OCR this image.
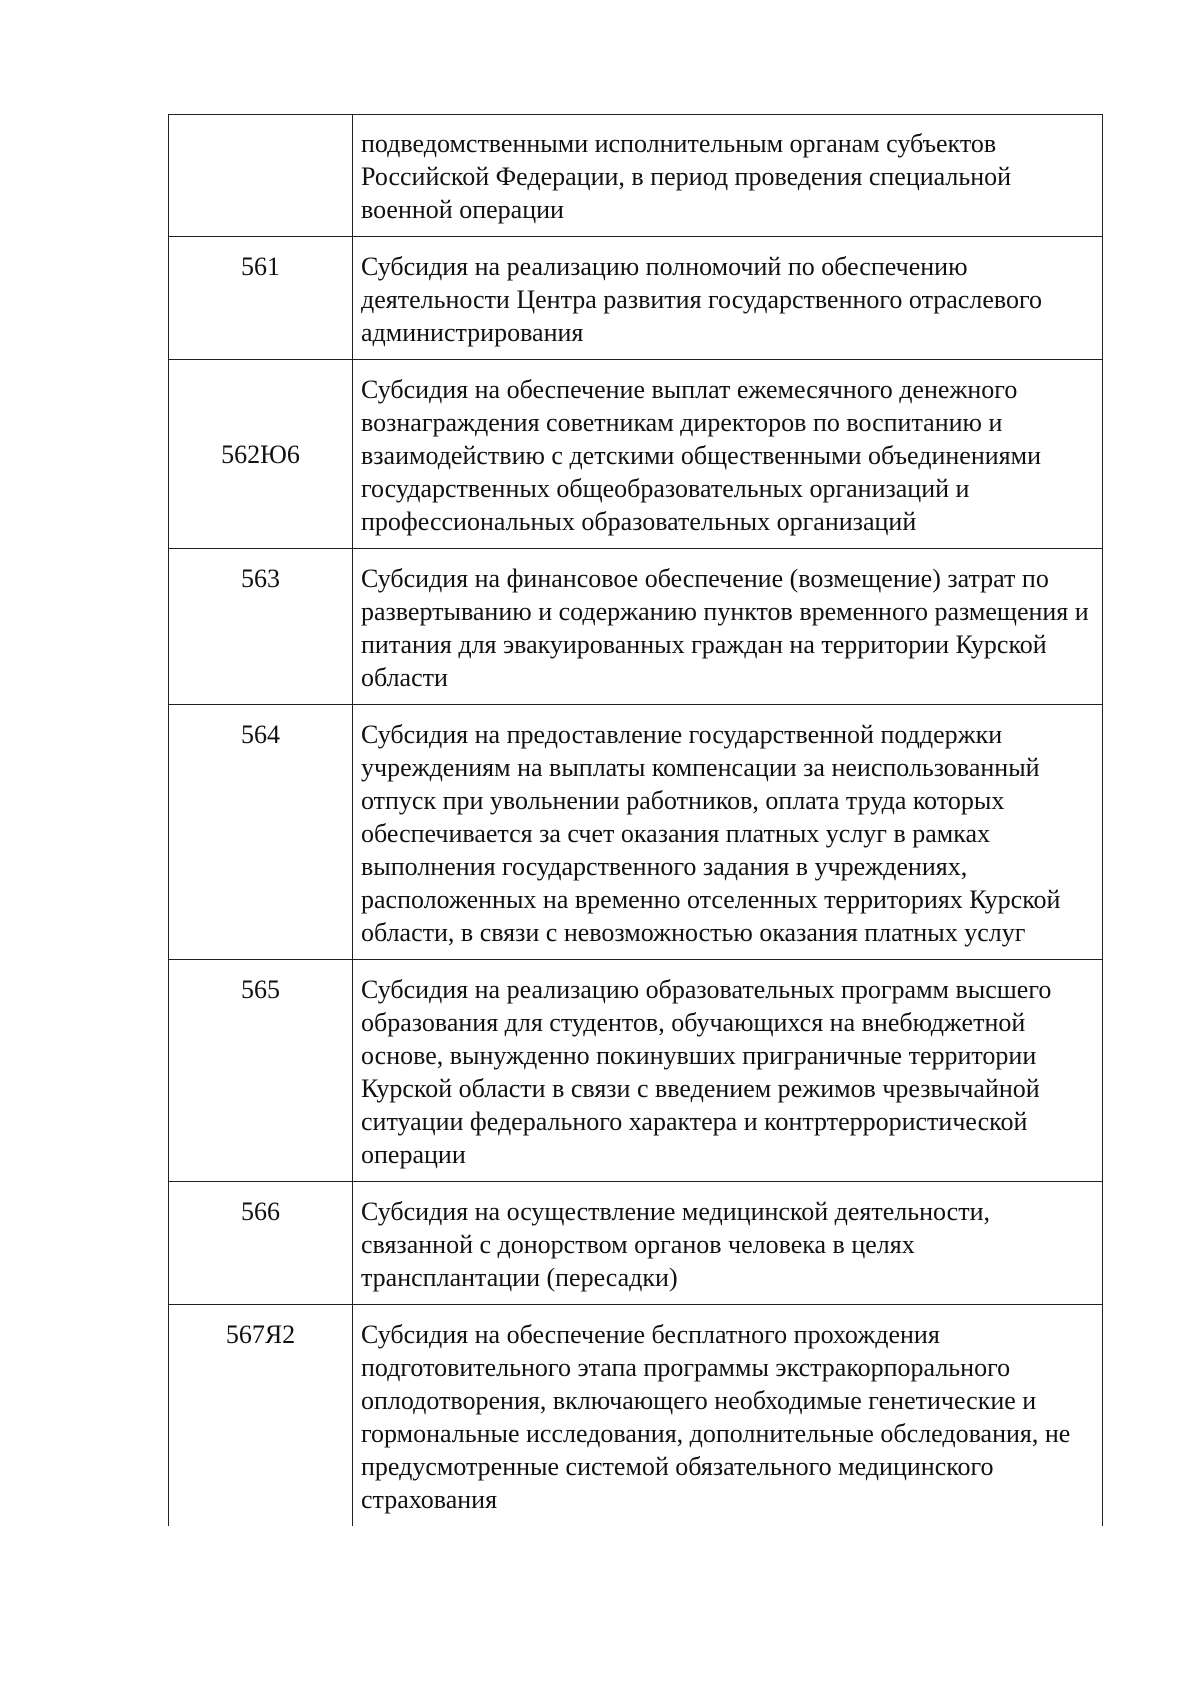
	подведомственными исполнительным органам субъектов Российской Федерации, в период проведения специальной военной операции

561	Субсидия на реализацию полномочий по обеспечению деятельности Центра развития государственного отраслевого администрирования

562Ю6	Субсидия на обеспечение выплат ежемесячного денежного вознаграждения советникам директоров по воспитанию и взаимодействию с детскими общественными объединениями государственных общеобразовательных организаций и профессиональных образовательных организаций

563	Субсидия на финансовое обеспечение (возмещение) затрат по развертыванию и содержанию пунктов временного размещения и питания для эвакуированных граждан на территории Курской области

564	Субсидия на предоставление государственной поддержки учреждениям на выплаты компенсации за неиспользованный отпуск при увольнении работников, оплата труда которых обеспечивается за счет оказания платных услуг в рамках выполнения государственного задания в учреждениях, расположенных на временно отселенных территориях Курской области, в связи с невозможностью оказания платных услуг

565	Субсидия на реализацию образовательных программ высшего образования для студентов, обучающихся на внебюджетной основе, вынужденно покинувших приграничные территории Курской области в связи с введением режимов чрезвычайной ситуации федерального характера и контртеррористической операции

566	Субсидия на осуществление медицинской деятельности, связанной с донорством органов человека в целях трансплантации (пересадки)

567Я2	Субсидия на обеспечение бесплатного прохождения подготовительного этапа программы экстракорпорального оплодотворения, включающего необходимые генетические и гормональные исследования, дополнительные обследования, не предусмотренные системой обязательного медицинского страхования
